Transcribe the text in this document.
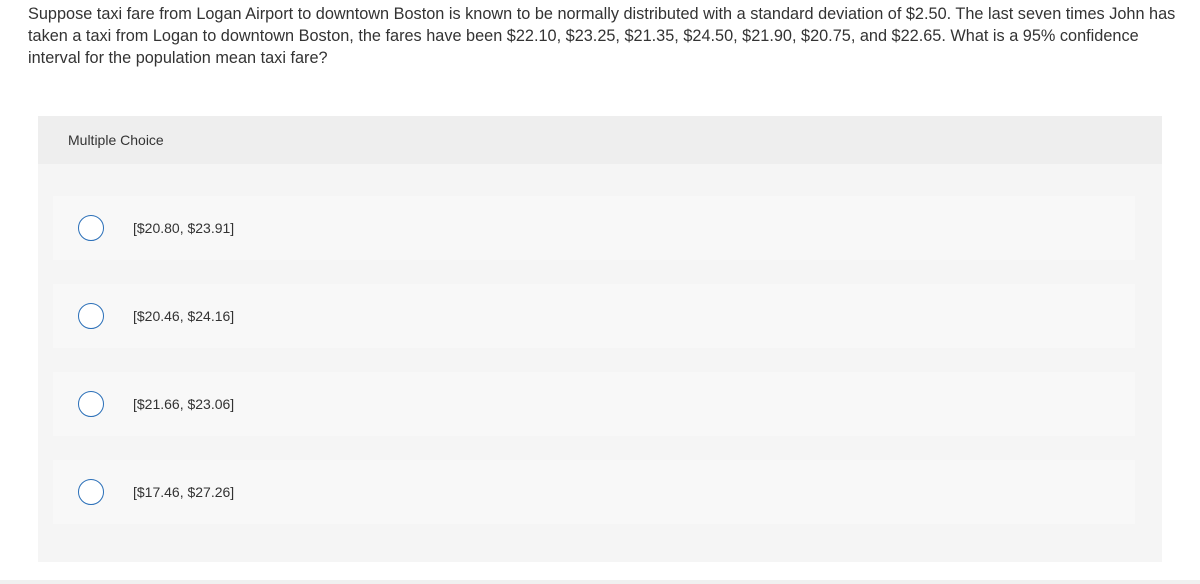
Suppose taxi fare from Logan Airport to downtown Boston is known to be normally distributed with a standard deviation of $2.50. The last seven times John has taken a taxi from Logan to downtown Boston, the fares have been $22.10, $23.25, $21.35, $24.50, $21.90, $20.75, and $22.65. What is a 95% confidence interval for the population mean taxi fare?
Multiple Choice
[$20.80, $23.91]
[$20.46, $24.16]
[$21.66, $23.06]
[$17.46, $27.26]
